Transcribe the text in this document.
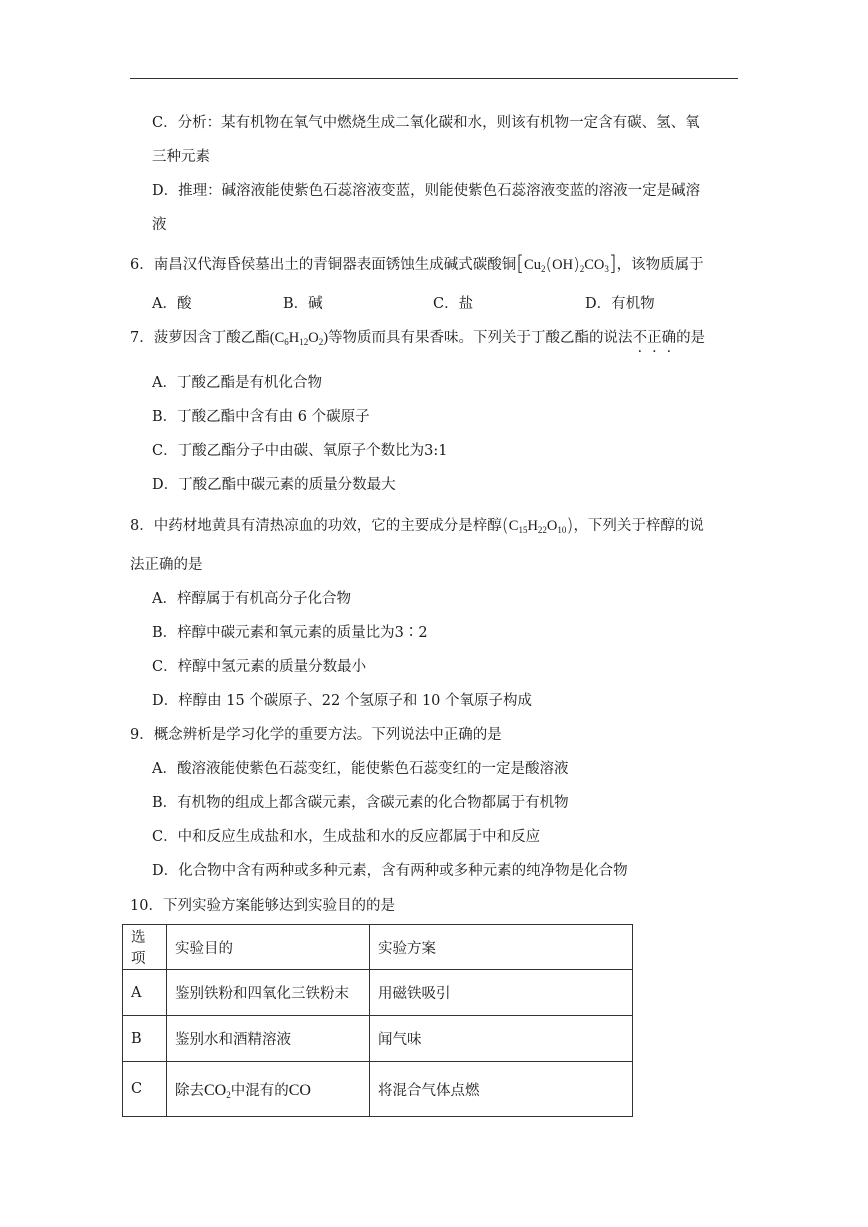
C．分析：某有机物在氧气中燃烧生成二氧化碳和水，则该有机物一定含有碳、氢、氧
三种元素
D．推理：碱溶液能使紫色石蕊溶液变蓝，则能使紫色石蕊溶液变蓝的溶液一定是碱溶
液
6．南昌汉代海昏侯墓出土的青铜器表面锈蚀生成碱式碳酸铜$[Cu_2(OH)_2CO_3]$，该物质属于
A．酸	B．碱	C．盐	D．有机物
7．菠萝因含丁酸乙酯$(C_6H_{12}O_2)$等物质而具有果香味。下列关于丁酸乙酯的说法不正确的是
A．丁酸乙酯是有机化合物
B．丁酸乙酯中含有由 6 个碳原子
C．丁酸乙酯分子中由碳、氧原子个数比为3:1
D．丁酸乙酯中碳元素的质量分数最大
8．中药材地黄具有清热凉血的功效，它的主要成分是梓醇$(C_{15}H_{22}O_{10})$，下列关于梓醇的说
法正确的是
A．梓醇属于有机高分子化合物
B．梓醇中碳元素和氧元素的质量比为3∶2
C．梓醇中氢元素的质量分数最小
D．梓醇由 15 个碳原子、22 个氢原子和 10 个氧原子构成
9．概念辨析是学习化学的重要方法。下列说法中正确的是
A．酸溶液能使紫色石蕊变红，能使紫色石蕊变红的一定是酸溶液
B．有机物的组成上都含碳元素，含碳元素的化合物都属于有机物
C．中和反应生成盐和水，生成盐和水的反应都属于中和反应
D．化合物中含有两种或多种元素，含有两种或多种元素的纯净物是化合物
10．下列实验方案能够达到实验目的的是
选项	实验目的	实验方案
A	鉴别铁粉和四氧化三铁粉末	用磁铁吸引
B	鉴别水和酒精溶液	闻气味
C	除去$CO_2$中混有的CO	将混合气体点燃
